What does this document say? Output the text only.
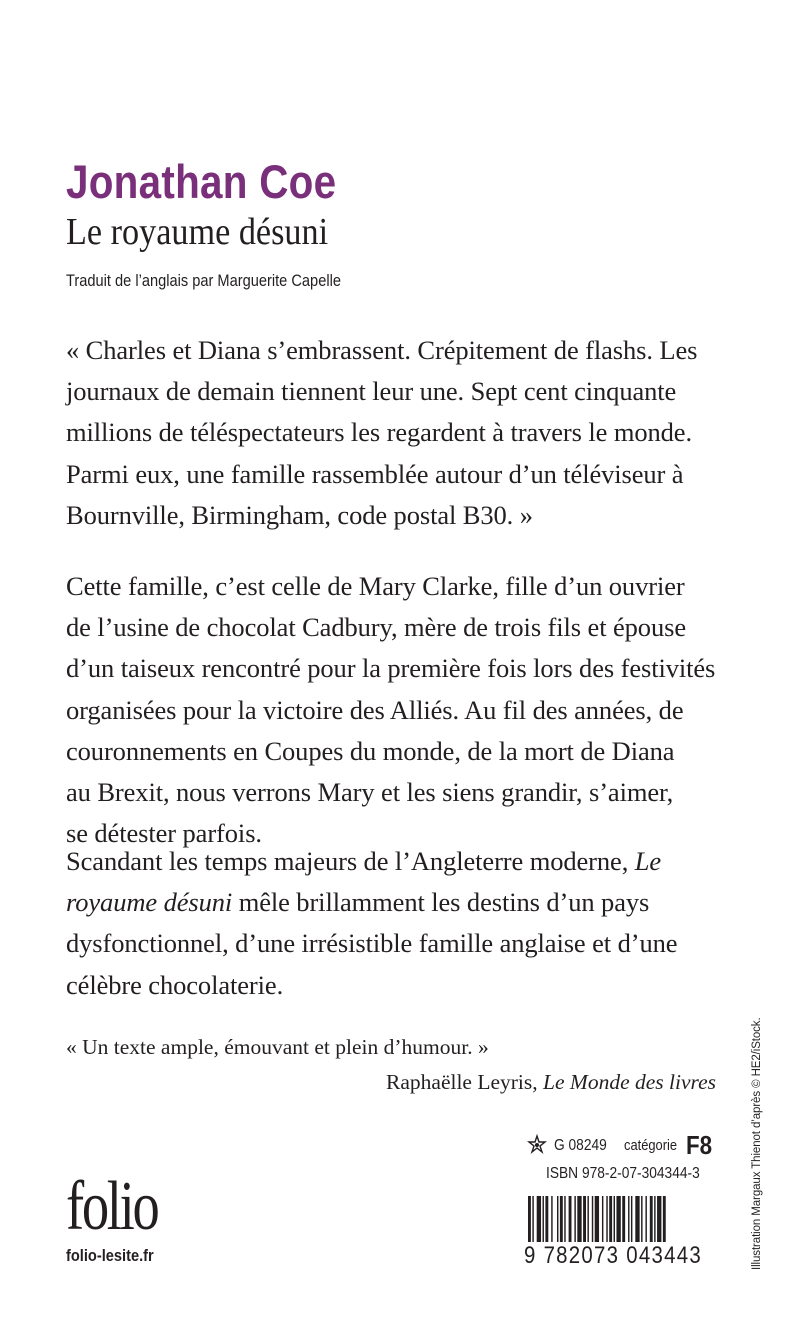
Jonathan Coe
Le royaume désuni
Traduit de l’anglais par Marguerite Capelle

« Charles et Diana s’embrassent. Crépitement de flashs. Les
journaux de demain tiennent leur une. Sept cent cinquante
millions de téléspectateurs les regardent à travers le monde.
Parmi eux, une famille rassemblée autour d’un téléviseur à
Bournville, Birmingham, code postal B30. »

Cette famille, c’est celle de Mary Clarke, fille d’un ouvrier
de l’usine de chocolat Cadbury, mère de trois fils et épouse
d’un taiseux rencontré pour la première fois lors des festivités
organisées pour la victoire des Alliés. Au fil des années, de
couronnements en Coupes du monde, de la mort de Diana
au Brexit, nous verrons Mary et les siens grandir, s’aimer,
se détester parfois.

Scandant les temps majeurs de l’Angleterre moderne, Le
royaume désuni mêle brillamment les destins d’un pays
dysfonctionnel, d’une irrésistible famille anglaise et d’une
célèbre chocolaterie.

« Un texte ample, émouvant et plein d’humour. »
Raphaëlle Leyris, Le Monde des livres
folio
folio-lesite.fr
G 08249 catégorie F8
ISBN 978-2-07-304344-3
9 782073 043443	Illustration Margaux Thienot d’après © HE2/iStock.
